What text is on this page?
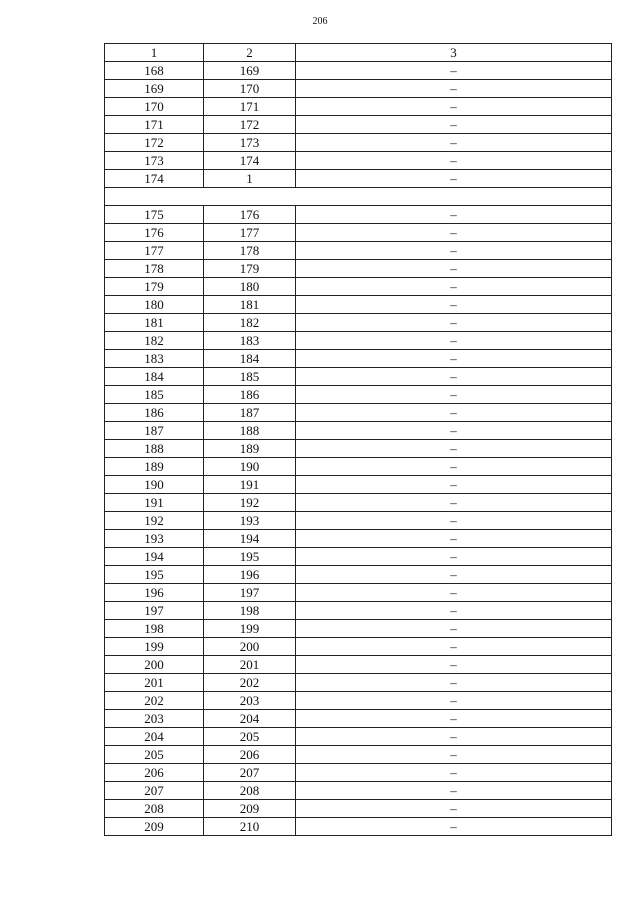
206
1	2	3
168	169	–
169	170	–
170	171	–
171	172	–
172	173	–
173	174	–
174	1	–

175	176	–
176	177	–
177	178	–
178	179	–
179	180	–
180	181	–
181	182	–
182	183	–
183	184	–
184	185	–
185	186	–
186	187	–
187	188	–
188	189	–
189	190	–
190	191	–
191	192	–
192	193	–
193	194	–
194	195	–
195	196	–
196	197	–
197	198	–
198	199	–
199	200	–
200	201	–
201	202	–
202	203	–
203	204	–
204	205	–
205	206	–
206	207	–
207	208	–
208	209	–
209	210	–
